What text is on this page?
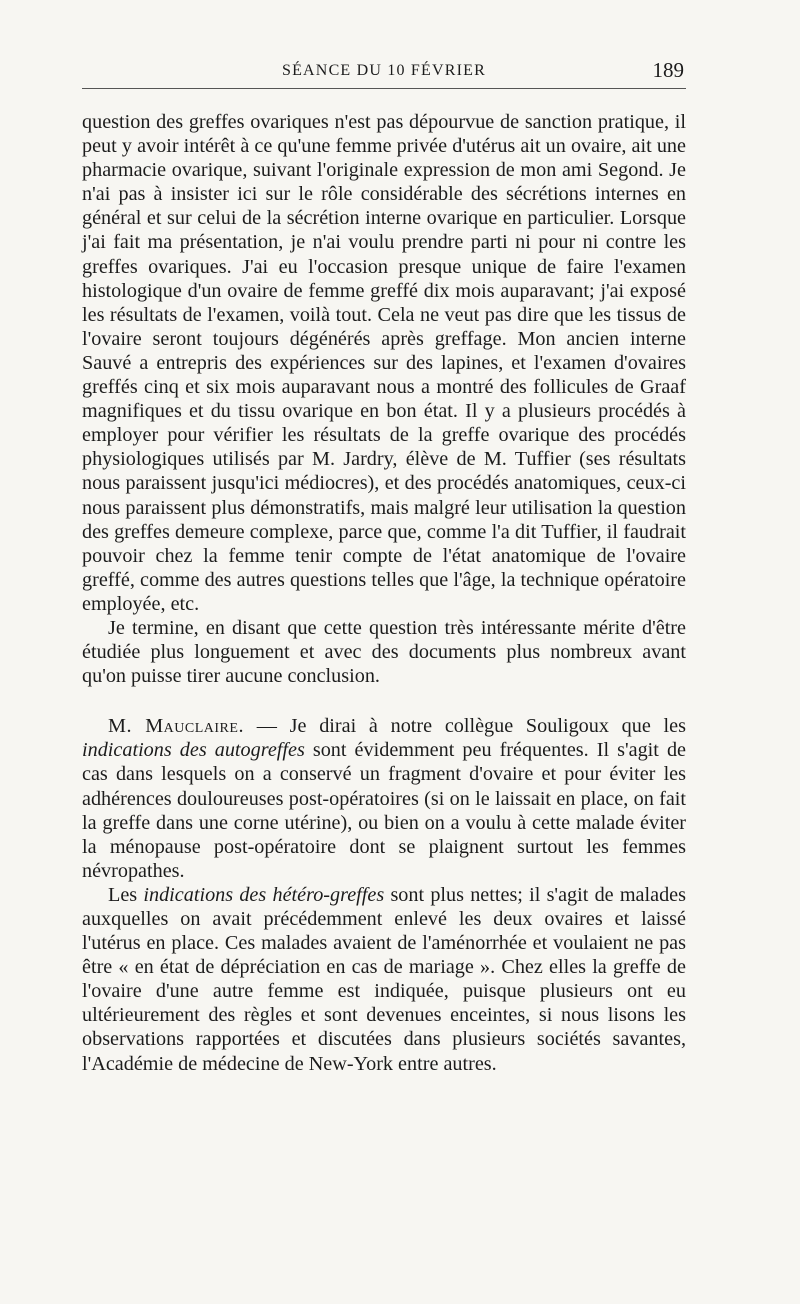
SÉANCE DU 10 FÉVRIER	189

question des greffes ovariques n'est pas dépourvue de sanction pratique, il peut y avoir intérêt à ce qu'une femme privée d'utérus ait un ovaire, ait une pharmacie ovarique, suivant l'originale expression de mon ami Segond. Je n'ai pas à insister ici sur le rôle considérable des sécrétions internes en général et sur celui de la sécrétion interne ovarique en particulier. Lorsque j'ai fait ma présentation, je n'ai voulu prendre parti ni pour ni contre les greffes ovariques. J'ai eu l'occasion presque unique de faire l'examen histologique d'un ovaire de femme greffé dix mois auparavant; j'ai exposé les résultats de l'examen, voilà tout. Cela ne veut pas dire que les tissus de l'ovaire seront toujours dégénérés après greffage. Mon ancien interne Sauvé a entrepris des expériences sur des lapines, et l'examen d'ovaires greffés cinq et six mois auparavant nous a montré des follicules de Graaf magnifiques et du tissu ovarique en bon état. Il y a plusieurs procédés à employer pour vérifier les résultats de la greffe ovarique des procédés physiologiques utilisés par M. Jardry, élève de M. Tuffier (ses résultats nous paraissent jusqu'ici médiocres), et des procédés anatomiques, ceux-ci nous paraissent plus démonstratifs, mais malgré leur utilisation la question des greffes demeure complexe, parce que, comme l'a dit Tuffier, il faudrait pouvoir chez la femme tenir compte de l'état anatomique de l'ovaire greffé, comme des autres questions telles que l'âge, la technique opératoire employée, etc.

Je termine, en disant que cette question très intéressante mérite d'être étudiée plus longuement et avec des documents plus nombreux avant qu'on puisse tirer aucune conclusion.

M. Mauclaire. — Je dirai à notre collègue Souligoux que les indications des autogreffes sont évidemment peu fréquentes. Il s'agit de cas dans lesquels on a conservé un fragment d'ovaire et pour éviter les adhérences douloureuses post-opératoires (si on le laissait en place, on fait la greffe dans une corne utérine), ou bien on a voulu à cette malade éviter la ménopause post-opératoire dont se plaignent surtout les femmes névropathes.

Les indications des hétéro-greffes sont plus nettes; il s'agit de malades auxquelles on avait précédemment enlevé les deux ovaires et laissé l'utérus en place. Ces malades avaient de l'aménorrhée et voulaient ne pas être « en état de dépréciation en cas de mariage ». Chez elles la greffe de l'ovaire d'une autre femme est indiquée, puisque plusieurs ont eu ultérieurement des règles et sont devenues enceintes, si nous lisons les observations rapportées et discutées dans plusieurs sociétés savantes, l'Académie de médecine de New-York entre autres.
